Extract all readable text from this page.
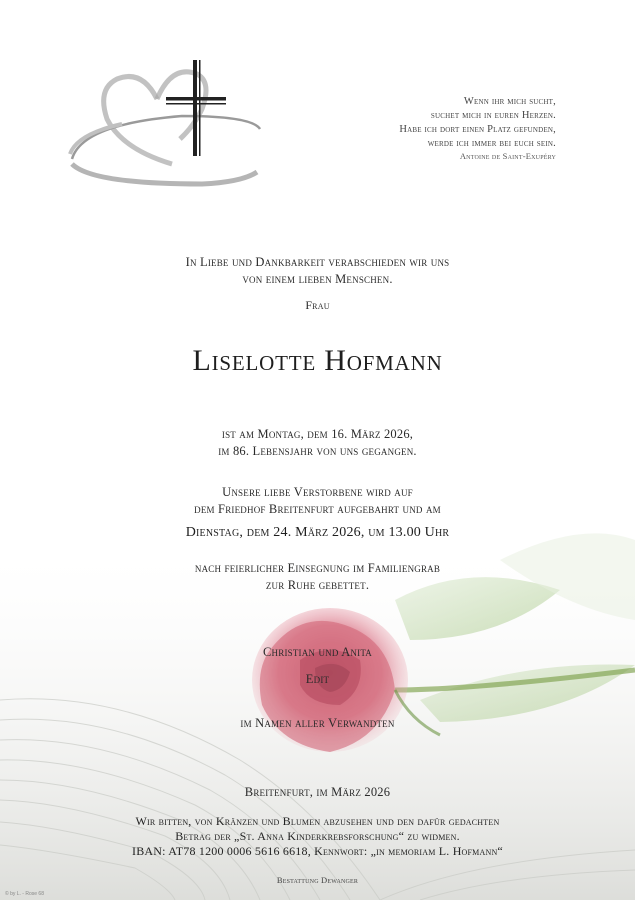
Wenn ihr mich sucht,
suchet mich in euren Herzen.
Habe ich dort einen Platz gefunden,
werde ich immer bei euch sein.
Antoine de Saint-Exupéry
In Liebe und Dankbarkeit verabschieden wir uns
von einem lieben Menschen.
Frau
Liselotte Hofmann
ist am Montag, dem 16. März 2026,
im 86. Lebensjahr von uns gegangen.
Unsere liebe Verstorbene wird auf
dem Friedhof Breitenfurt aufgebahrt und am
Dienstag, dem 24. März 2026, um 13.00 Uhr
nach feierlicher Einsegnung im Familiengrab
zur Ruhe gebettet.
Christian und Anita
Edit
im Namen aller Verwandten
Breitenfurt, im März 2026
Wir bitten, von Kränzen und Blumen abzusehen und den dafür gedachten
Betrag der „St. Anna Kinderkrebsforschung“ zu widmen.
IBAN: AT78 1200 0006 5616 6618, Kennwort: „in memoriam L. Hofmann“
Bestattung Dewanger
© by L. - Rose 68
